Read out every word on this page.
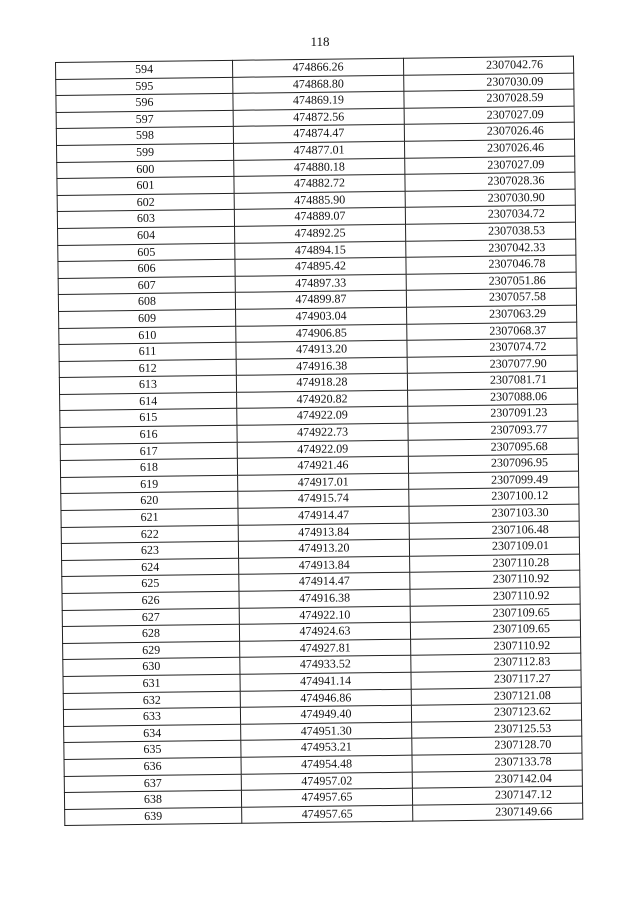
118
594	474866.26	2307042.76
595	474868.80	2307030.09
596	474869.19	2307028.59
597	474872.56	2307027.09
598	474874.47	2307026.46
599	474877.01	2307026.46
600	474880.18	2307027.09
601	474882.72	2307028.36
602	474885.90	2307030.90
603	474889.07	2307034.72
604	474892.25	2307038.53
605	474894.15	2307042.33
606	474895.42	2307046.78
607	474897.33	2307051.86
608	474899.87	2307057.58
609	474903.04	2307063.29
610	474906.85	2307068.37
611	474913.20	2307074.72
612	474916.38	2307077.90
613	474918.28	2307081.71
614	474920.82	2307088.06
615	474922.09	2307091.23
616	474922.73	2307093.77
617	474922.09	2307095.68
618	474921.46	2307096.95
619	474917.01	2307099.49
620	474915.74	2307100.12
621	474914.47	2307103.30
622	474913.84	2307106.48
623	474913.20	2307109.01
624	474913.84	2307110.28
625	474914.47	2307110.92
626	474916.38	2307110.92
627	474922.10	2307109.65
628	474924.63	2307109.65
629	474927.81	2307110.92
630	474933.52	2307112.83
631	474941.14	2307117.27
632	474946.86	2307121.08
633	474949.40	2307123.62
634	474951.30	2307125.53
635	474953.21	2307128.70
636	474954.48	2307133.78
637	474957.02	2307142.04
638	474957.65	2307147.12
639	474957.65	2307149.66
